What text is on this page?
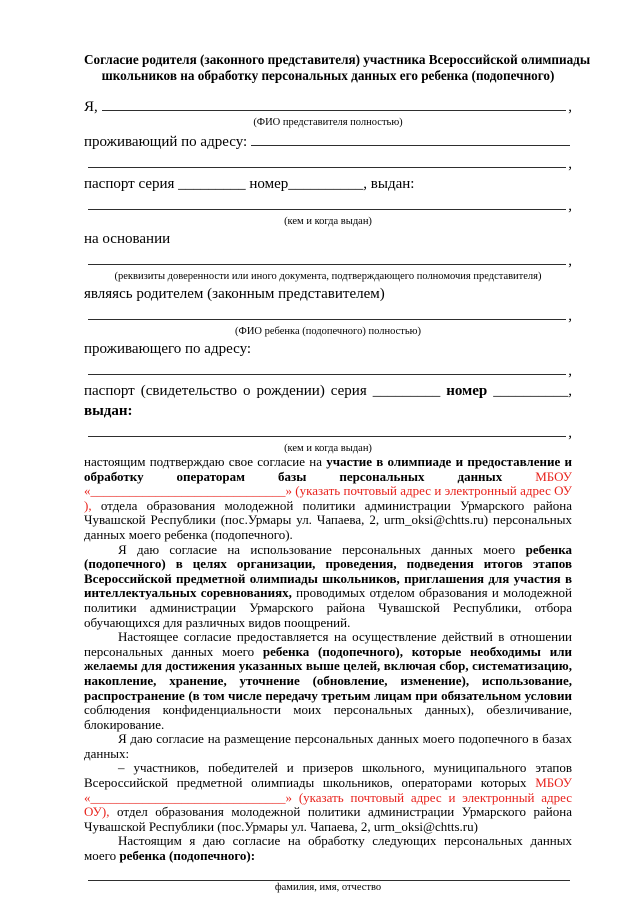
Согласие родителя (законного представителя) участника Всероссийской олимпиады
школьников на обработку персональных данных его ребенка (подопечного)
Я,	,
(ФИО представителя полностью)
проживающий по адресу:
,
паспорт серия _________ номер__________, выдан:
,
(кем и когда выдан)
на основании
,
(реквизиты доверенности или иного документа, подтверждающего полномочия представителя)
являясь родителем (законным представителем)
,
(ФИО ребенка (подопечного) полностью)
проживающего по адресу:
,
паспорт (свидетельство о рождении) серия _________ номер __________,
выдан:
,
(кем и когда выдан)
настоящим подтверждаю свое согласие на участие в олимпиаде и предоставление и обработку операторам базы персональных данных МБОУ «______________________________» (указать почтовый адрес и электронный адрес ОУ ), отдела образования молодежной политики администрации Урмарского района Чувашской Республики (пос.Урмары ул. Чапаева, 2, urm_oksi@chtts.ru) персональных данных моего ребенка (подопечного).
Я даю согласие на использование персональных данных моего ребенка (подопечного) в целях организации, проведения, подведения итогов этапов Всероссийской предметной олимпиады школьников, приглашения для участия в интеллектуальных соревнованиях, проводимых отделом образования и молодежной политики администрации Урмарского района Чувашской Республики, отбора обучающихся для различных видов поощрений.
Настоящее согласие предоставляется на осуществление действий в отношении персональных данных моего ребенка (подопечного), которые необходимы или желаемы для достижения указанных выше целей, включая сбор, систематизацию, накопление, хранение, уточнение (обновление, изменение), использование, распространение (в том числе передачу третьим лицам при обязательном условии соблюдения конфиденциальности моих персональных данных), обезличивание, блокирование.
Я даю согласие на размещение персональных данных моего подопечного в базах данных:
– участников, победителей и призеров школьного, муниципального этапов Всероссийской предметной олимпиады школьников, операторами которых МБОУ «______________________________» (указать почтовый адрес и электронный адрес ОУ), отдел образования молодежной политики администрации Урмарского района Чувашской Республики (пос.Урмары ул. Чапаева, 2, urm_oksi@chtts.ru)
Настоящим я даю согласие на обработку следующих персональных данных моего ребенка (подопечного):
фамилия, имя, отчество
